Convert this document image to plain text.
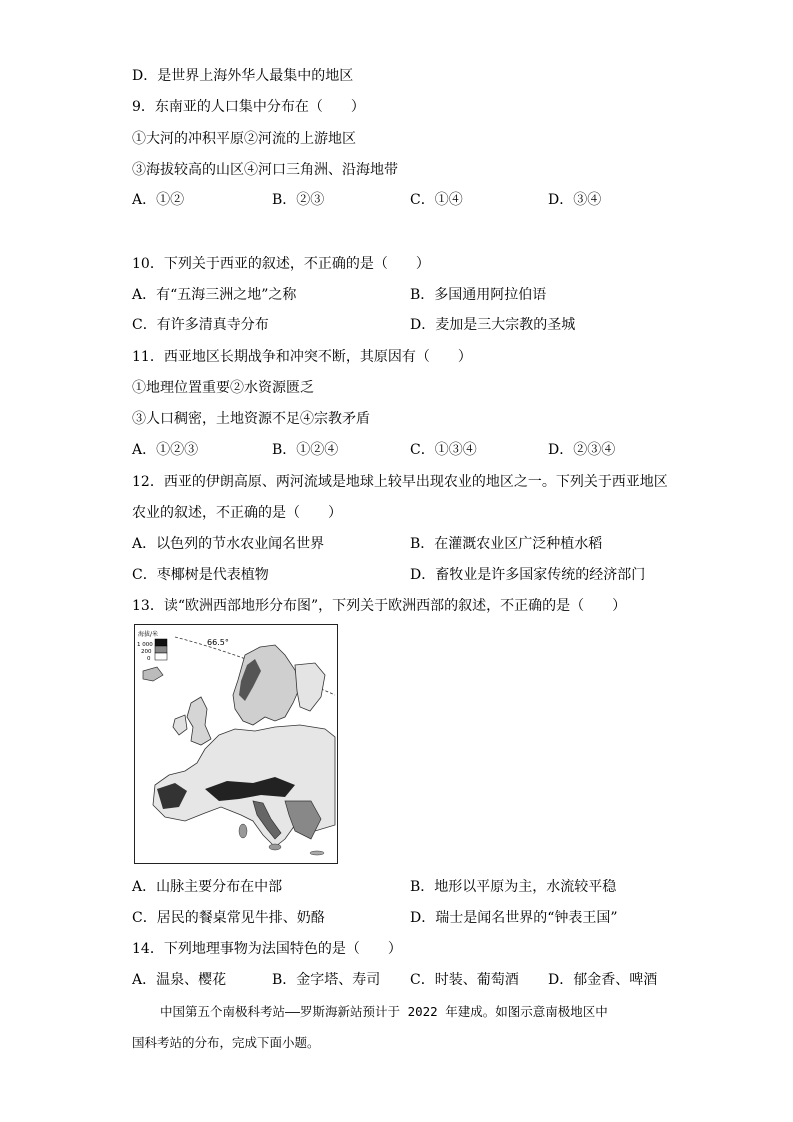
D．是世界上海外华人最集中的地区
9．东南亚的人口集中分布在（　　）
①大河的冲积平原②河流的上游地区
③海拔较高的山区④河口三角洲、沿海地带
A．①②	B．②③	C．①④	D．③④
10．下列关于西亚的叙述，不正确的是（　　）
A．有“五海三洲之地”之称	B．多国通用阿拉伯语
C．有许多清真寺分布	D．麦加是三大宗教的圣城
11．西亚地区长期战争和冲突不断，其原因有（　　）
①地理位置重要②水资源匮乏
③人口稠密，土地资源不足④宗教矛盾
A．①②③	B．①②④	C．①③④	D．②③④
12．西亚的伊朗高原、两河流域是地球上较早出现农业的地区之一。下列关于西亚地区
农业的叙述，不正确的是（　　）
A．以色列的节水农业闻名世界	B．在灌溉农业区广泛种植水稻
C．枣椰树是代表植物	D．畜牧业是许多国家传统的经济部门
13．读“欧洲西部地形分布图”，下列关于欧洲西部的叙述，不正确的是（　　）
海拔/米
1 000
200
0
66.5°
A．山脉主要分布在中部	B．地形以平原为主，水流较平稳
C．居民的餐桌常见牛排、奶酪	D．瑞士是闻名世界的“钟表王国”
14．下列地理事物为法国特色的是（　　）
A．温泉、樱花	B．金字塔、寿司 C．时装、葡萄酒 D．郁金香、啤酒
中国第五个南极科考站——罗斯海新站预计于 2022 年建成。如图示意南极地区中
国科考站的分布，完成下面小题。
